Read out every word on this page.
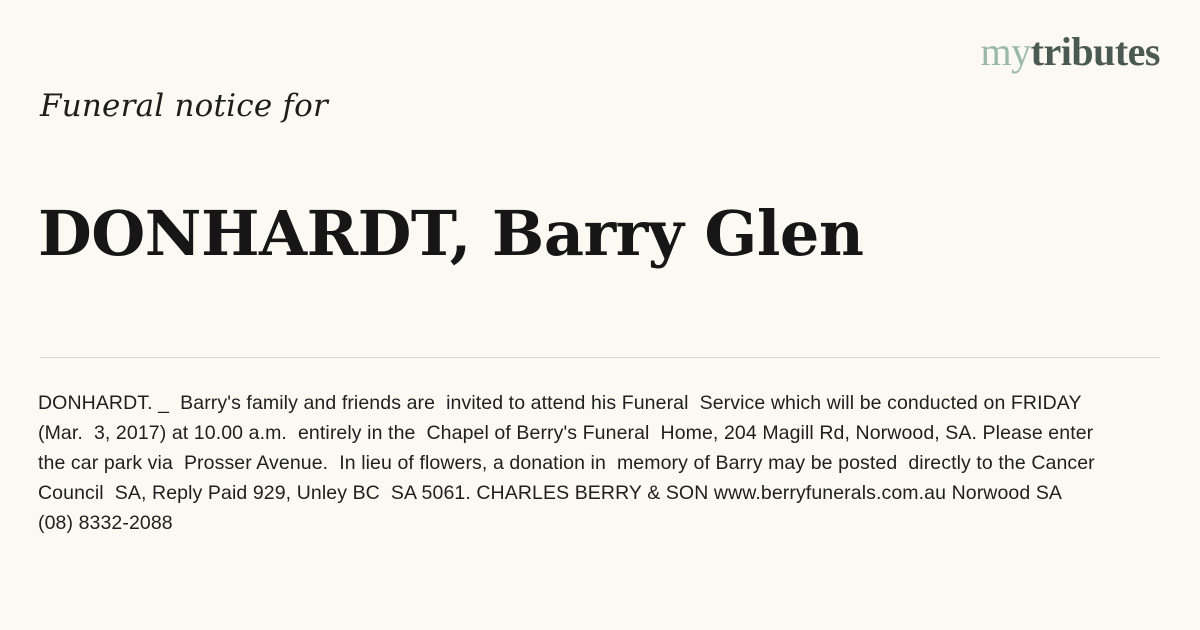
mytributes
Funeral notice for
DONHARDT, Barry Glen
DONHARDT. _  Barry's family and friends are  invited to attend his Funeral  Service which will be conducted on FRIDAY (Mar.  3, 2017) at 10.00 a.m.  entirely in the  Chapel of Berry's Funeral  Home, 204 Magill Rd, Norwood, SA. Please enter the car park via  Prosser Avenue.  In lieu of flowers, a donation in  memory of Barry may be posted  directly to the Cancer Council  SA, Reply Paid 929, Unley BC  SA 5061. CHARLES BERRY & SON www.berryfunerals.com.au Norwood SA (08) 8332-2088
